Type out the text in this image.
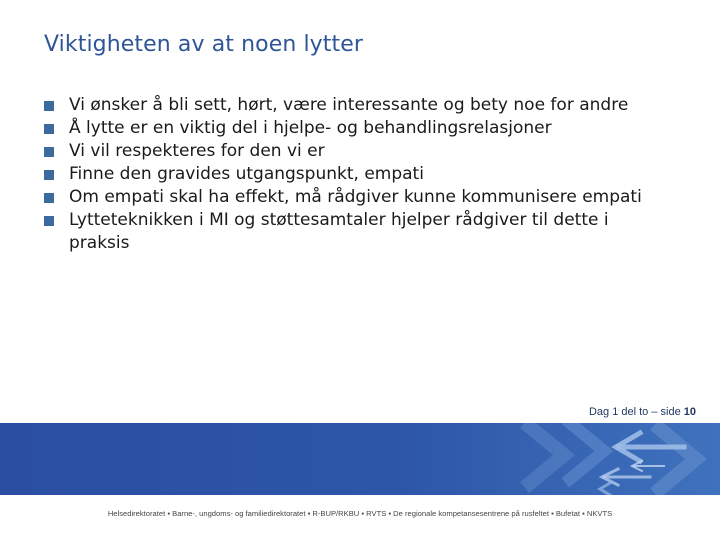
Viktigheten av at noen lytter
Vi ønsker å bli sett, hørt, være interessante og bety noe for andre
Å lytte er en viktig del i hjelpe- og behandlingsrelasjoner
Vi vil respekteres for den vi er
Finne den gravides utgangspunkt, empati
Om empati skal ha effekt, må rådgiver kunne kommunisere empati
Lytteteknikken i MI og støttesamtaler hjelper rådgiver til dette i praksis
Dag 1 del to – side 10
Helsedirektoratet ▪ Barne-, ungdoms- og familiedirektoratet ▪ R-BUP/RKBU ▪ RVTS ▪ De regionale kompetansesentrene på rusfeltet ▪ Bufetat ▪ NKVTS
